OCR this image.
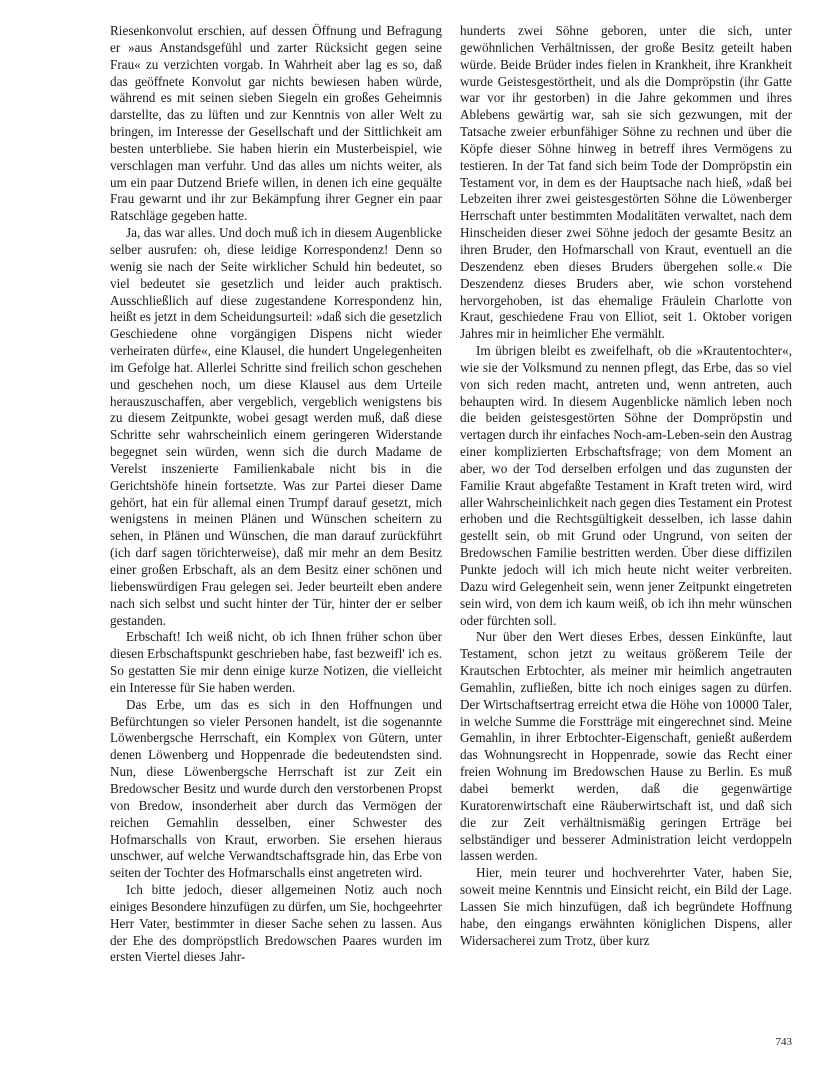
Riesenkonvolut erschien, auf dessen Öffnung und Befragung er »aus Anstandsgefühl und zarter Rücksicht gegen seine Frau« zu verzichten vorgab. In Wahrheit aber lag es so, daß das geöffnete Konvolut gar nichts bewiesen haben würde, während es mit seinen sieben Siegeln ein großes Geheimnis darstellte, das zu lüften und zur Kenntnis von aller Welt zu bringen, im Interesse der Gesellschaft und der Sittlichkeit am besten unterbliebe. Sie haben hierin ein Musterbeispiel, wie verschlagen man verfuhr. Und das alles um nichts weiter, als um ein paar Dutzend Briefe willen, in denen ich eine gequälte Frau gewarnt und ihr zur Bekämpfung ihrer Gegner ein paar Ratschläge gegeben hatte.

Ja, das war alles. Und doch muß ich in diesem Augenblicke selber ausrufen: oh, diese leidige Korrespondenz! Denn so wenig sie nach der Seite wirklicher Schuld hin bedeutet, so viel bedeutet sie gesetzlich und leider auch praktisch. Ausschließlich auf diese zugestandene Korrespondenz hin, heißt es jetzt in dem Scheidungsurteil: »daß sich die gesetzlich Geschiedene ohne vorgängigen Dispens nicht wieder verheiraten dürfe«, eine Klausel, die hundert Ungelegenheiten im Gefolge hat. Allerlei Schritte sind freilich schon geschehen und geschehen noch, um diese Klausel aus dem Urteile herauszuschaffen, aber vergeblich, vergeblich wenigstens bis zu diesem Zeitpunkte, wobei gesagt werden muß, daß diese Schritte sehr wahrscheinlich einem geringeren Widerstande begegnet sein würden, wenn sich die durch Madame de Verelst inszenierte Familienkabale nicht bis in die Gerichtshöfe hinein fortsetzte. Was zur Partei dieser Dame gehört, hat ein für allemal einen Trumpf darauf gesetzt, mich wenigstens in meinen Plänen und Wünschen scheitern zu sehen, in Plänen und Wünschen, die man darauf zurückführt (ich darf sagen törichterweise), daß mir mehr an dem Besitz einer großen Erbschaft, als an dem Besitz einer schönen und liebenswürdigen Frau gelegen sei. Jeder beurteilt eben andere nach sich selbst und sucht hinter der Tür, hinter der er selber gestanden.

Erbschaft! Ich weiß nicht, ob ich Ihnen früher schon über diesen Erbschaftspunkt geschrieben habe, fast bezweifl' ich es. So gestatten Sie mir denn einige kurze Notizen, die vielleicht ein Interesse für Sie haben werden.

Das Erbe, um das es sich in den Hoffnungen und Befürchtungen so vieler Personen handelt, ist die sogenannte Löwenbergsche Herrschaft, ein Komplex von Gütern, unter denen Löwenberg und Hoppenrade die bedeutendsten sind. Nun, diese Löwenbergsche Herrschaft ist zur Zeit ein Bredowscher Besitz und wurde durch den verstorbenen Propst von Bredow, insonderheit aber durch das Vermögen der reichen Gemahlin desselben, einer Schwester des Hofmarschalls von Kraut, erworben. Sie ersehen hieraus unschwer, auf welche Verwandtschaftsgrade hin, das Erbe von seiten der Tochter des Hofmarschalls einst angetreten wird.

Ich bitte jedoch, dieser allgemeinen Notiz auch noch einiges Besondere hinzufügen zu dürfen, um Sie, hochgeehrter Herr Vater, bestimmter in dieser Sache sehen zu lassen. Aus der Ehe des dompröpstlich Bredowschen Paares wurden im ersten Viertel dieses Jahr-

hunderts zwei Söhne geboren, unter die sich, unter gewöhnlichen Verhältnissen, der große Besitz geteilt haben würde. Beide Brüder indes fielen in Krankheit, ihre Krankheit wurde Geistesgestörtheit, und als die Dompröpstin (ihr Gatte war vor ihr gestorben) in die Jahre gekommen und ihres Ablebens gewärtig war, sah sie sich gezwungen, mit der Tatsache zweier erbunfähiger Söhne zu rechnen und über die Köpfe dieser Söhne hinweg in betreff ihres Vermögens zu testieren. In der Tat fand sich beim Tode der Dompröpstin ein Testament vor, in dem es der Hauptsache nach hieß, »daß bei Lebzeiten ihrer zwei geistesgestörten Söhne die Löwenberger Herrschaft unter bestimmten Modalitäten verwaltet, nach dem Hinscheiden dieser zwei Söhne jedoch der gesamte Besitz an ihren Bruder, den Hofmarschall von Kraut, eventuell an die Deszendenz eben dieses Bruders übergehen solle.« Die Deszendenz dieses Bruders aber, wie schon vorstehend hervorgehoben, ist das ehemalige Fräulein Charlotte von Kraut, geschiedene Frau von Elliot, seit 1. Oktober vorigen Jahres mir in heimlicher Ehe vermählt.

Im übrigen bleibt es zweifelhaft, ob die »Krautentochter«, wie sie der Volksmund zu nennen pflegt, das Erbe, das so viel von sich reden macht, antreten und, wenn antreten, auch behaupten wird. In diesem Augenblicke nämlich leben noch die beiden geistesgestörten Söhne der Dompröpstin und vertagen durch ihr einfaches Noch-am-Leben-sein den Austrag einer komplizierten Erbschaftsfrage; von dem Moment an aber, wo der Tod derselben erfolgen und das zugunsten der Familie Kraut abgefaßte Testament in Kraft treten wird, wird aller Wahrscheinlichkeit nach gegen dies Testament ein Protest erhoben und die Rechtsgültigkeit desselben, ich lasse dahin gestellt sein, ob mit Grund oder Ungrund, von seiten der Bredowschen Familie bestritten werden. Über diese diffizilen Punkte jedoch will ich mich heute nicht weiter verbreiten. Dazu wird Gelegenheit sein, wenn jener Zeitpunkt eingetreten sein wird, von dem ich kaum weiß, ob ich ihn mehr wünschen oder fürchten soll.

Nur über den Wert dieses Erbes, dessen Einkünfte, laut Testament, schon jetzt zu weitaus größerem Teile der Krautschen Erbtochter, als meiner mir heimlich angetrauten Gemahlin, zufließen, bitte ich noch einiges sagen zu dürfen. Der Wirtschaftsertrag erreicht etwa die Höhe von 10000 Taler, in welche Summe die Forstträge mit eingerechnet sind. Meine Gemahlin, in ihrer Erbtochter-Eigenschaft, genießt außerdem das Wohnungsrecht in Hoppenrade, sowie das Recht einer freien Wohnung im Bredowschen Hause zu Berlin. Es muß dabei bemerkt werden, daß die gegenwärtige Kuratorenwirtschaft eine Räuberwirtschaft ist, und daß sich die zur Zeit verhältnismäßig geringen Erträge bei selbständiger und besserer Administration leicht verdoppeln lassen werden.

Hier, mein teurer und hochverehrter Vater, haben Sie, soweit meine Kenntnis und Einsicht reicht, ein Bild der Lage. Lassen Sie mich hinzufügen, daß ich begründete Hoffnung habe, den eingangs erwähnten königlichen Dispens, aller Widersacherei zum Trotz, über kurz

743
